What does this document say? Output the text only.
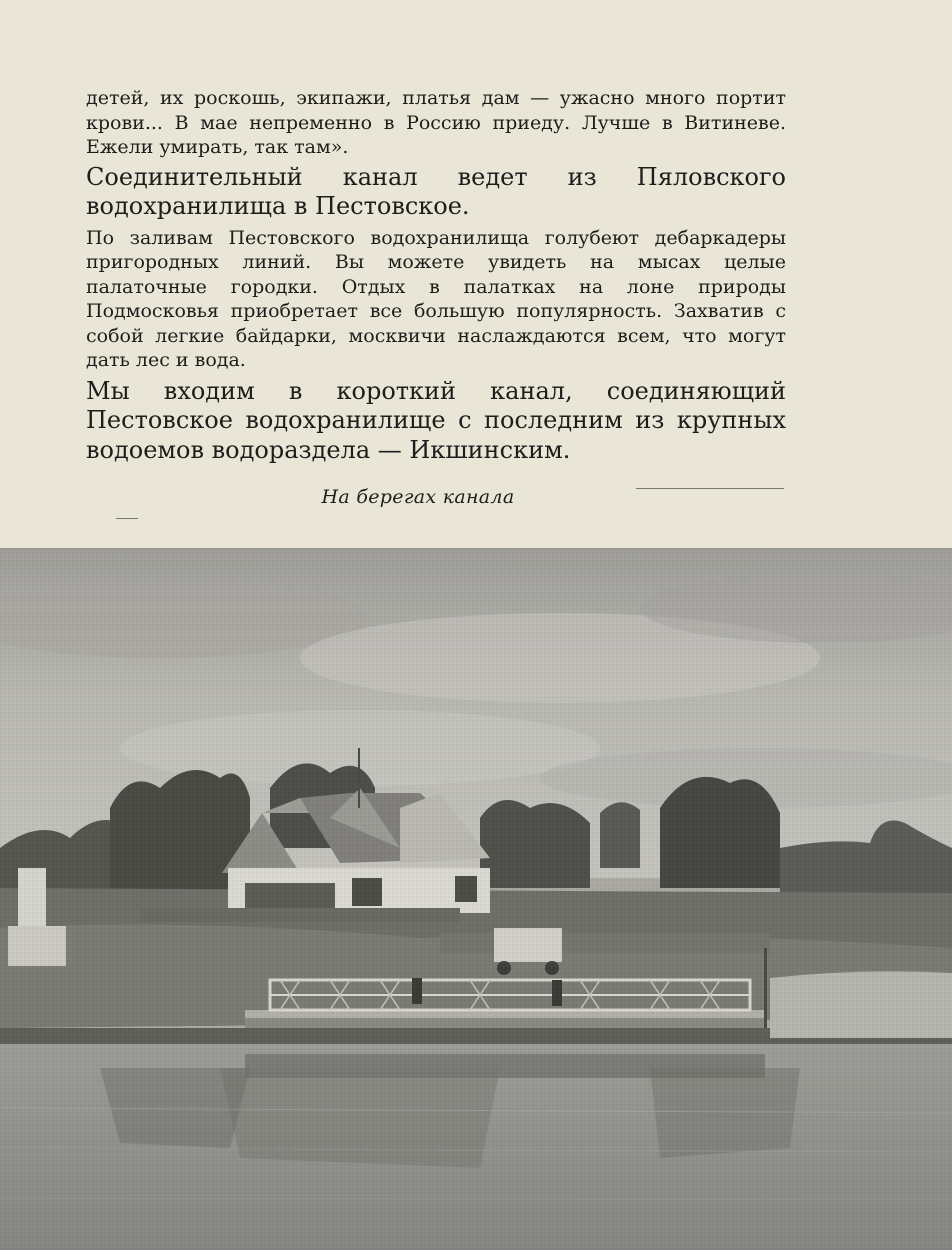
детей, их роскошь, экипажи, платья дам — ужасно много портит крови... В мае непременно в Россию приеду. Лучше в Витиневе. Ежели умирать, так там».

Соединительный канал ведет из Пяловского водохранилища в Пестовское.

По заливам Пестовского водохранилища голубеют дебаркадеры пригородных линий. Вы можете увидеть на мысах целые палаточные городки. Отдых в палатках на лоне природы Подмосковья приобретает все большую популярность. Захватив с собой легкие байдарки, москвичи наслаждаются всем, что могут дать лес и вода.

Мы входим в короткий канал, соединяющий Пестовское водохранилище с последним из крупных водоемов водораздела — Икшинским.

На берегах канала
